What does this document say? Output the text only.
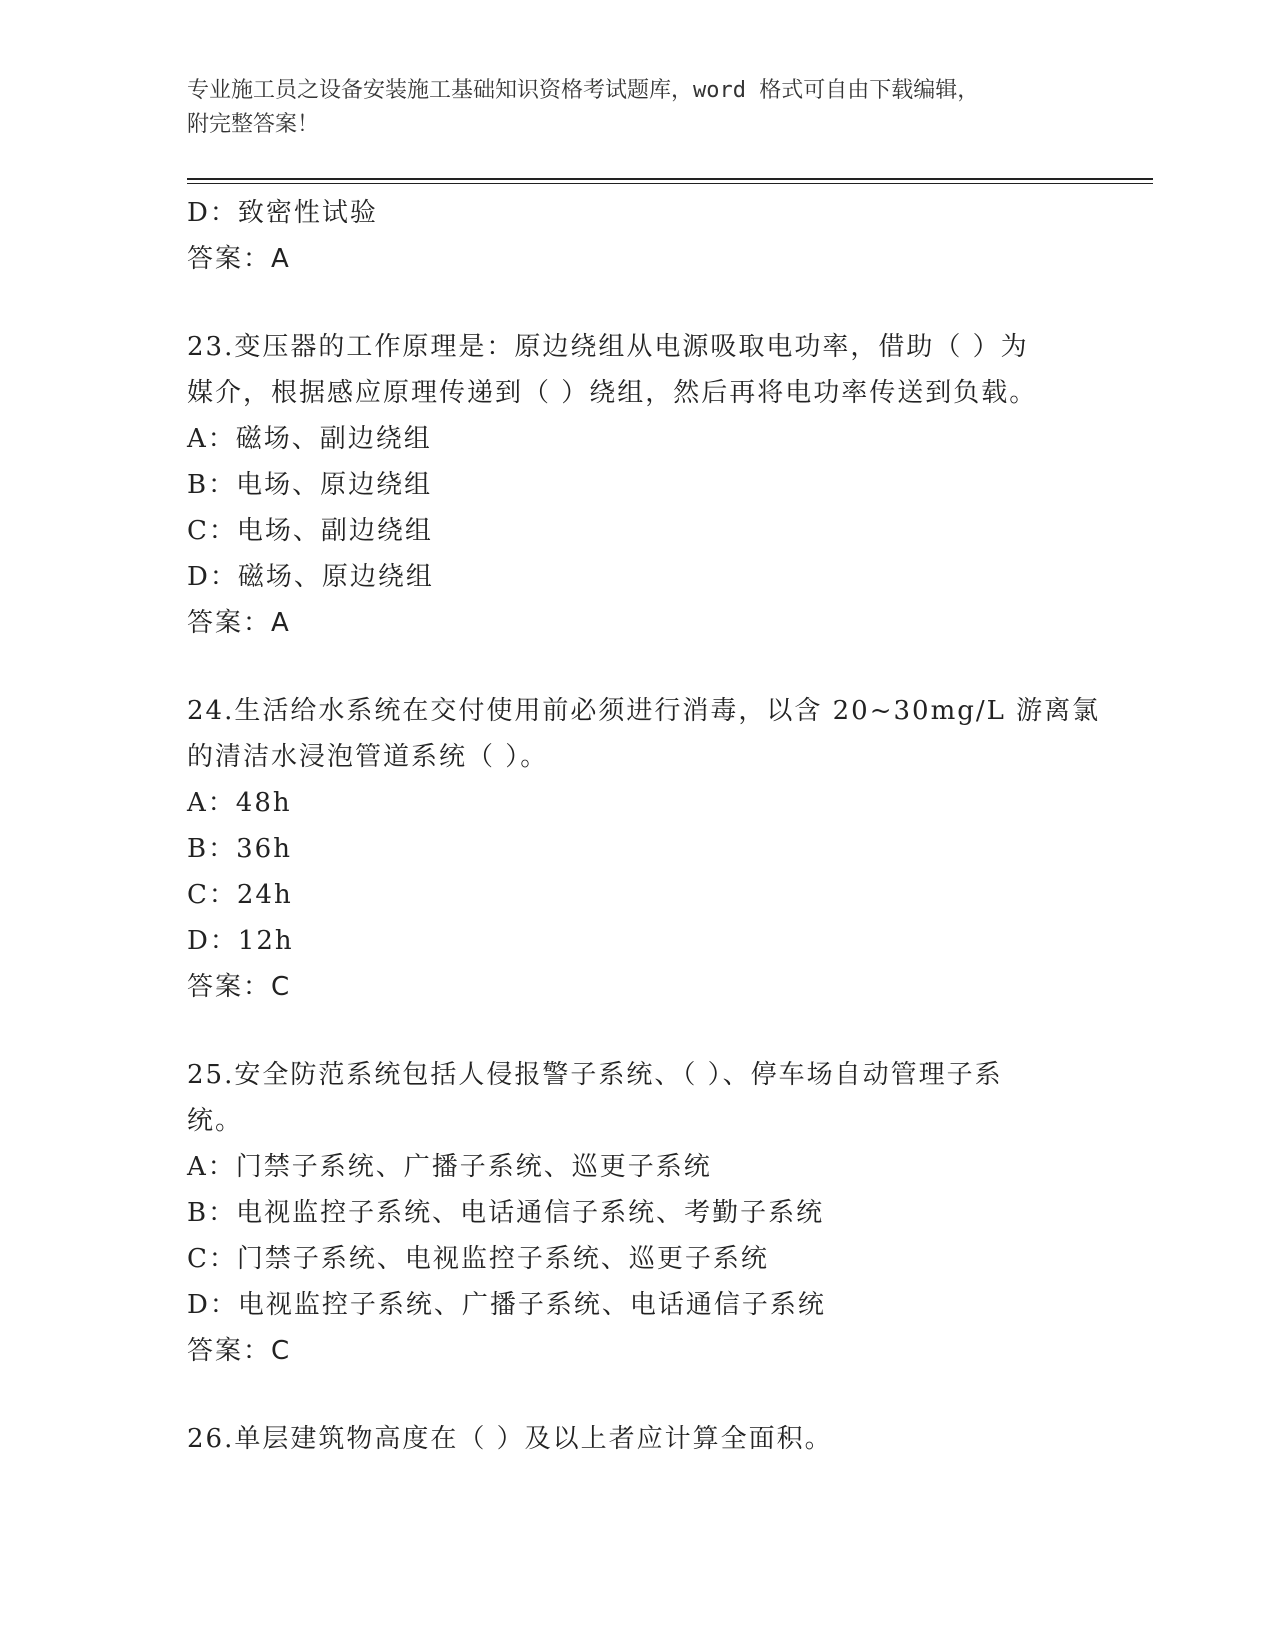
专业施工员之设备安装施工基础知识资格考试题库，word 格式可自由下载编辑，
附完整答案！
D：致密性试验
答案：A
23.变压器的工作原理是：原边绕组从电源吸取电功率，借助（ ）为
媒介，根据感应原理传递到（ ）绕组，然后再将电功率传送到负载。
A：磁场、副边绕组
B：电场、原边绕组
C：电场、副边绕组
D：磁场、原边绕组
答案：A
24.生活给水系统在交付使用前必须进行消毒，以含 20~30mg/L 游离氯
的清洁水浸泡管道系统（ ）。
A：48h
B：36h
C：24h
D：12h
答案：C
25.安全防范系统包括人侵报警子系统、（ ）、停车场自动管理子系
统。
A：门禁子系统、广播子系统、巡更子系统
B：电视监控子系统、电话通信子系统、考勤子系统
C：门禁子系统、电视监控子系统、巡更子系统
D：电视监控子系统、广播子系统、电话通信子系统
答案：C
26.单层建筑物高度在（ ）及以上者应计算全面积。
